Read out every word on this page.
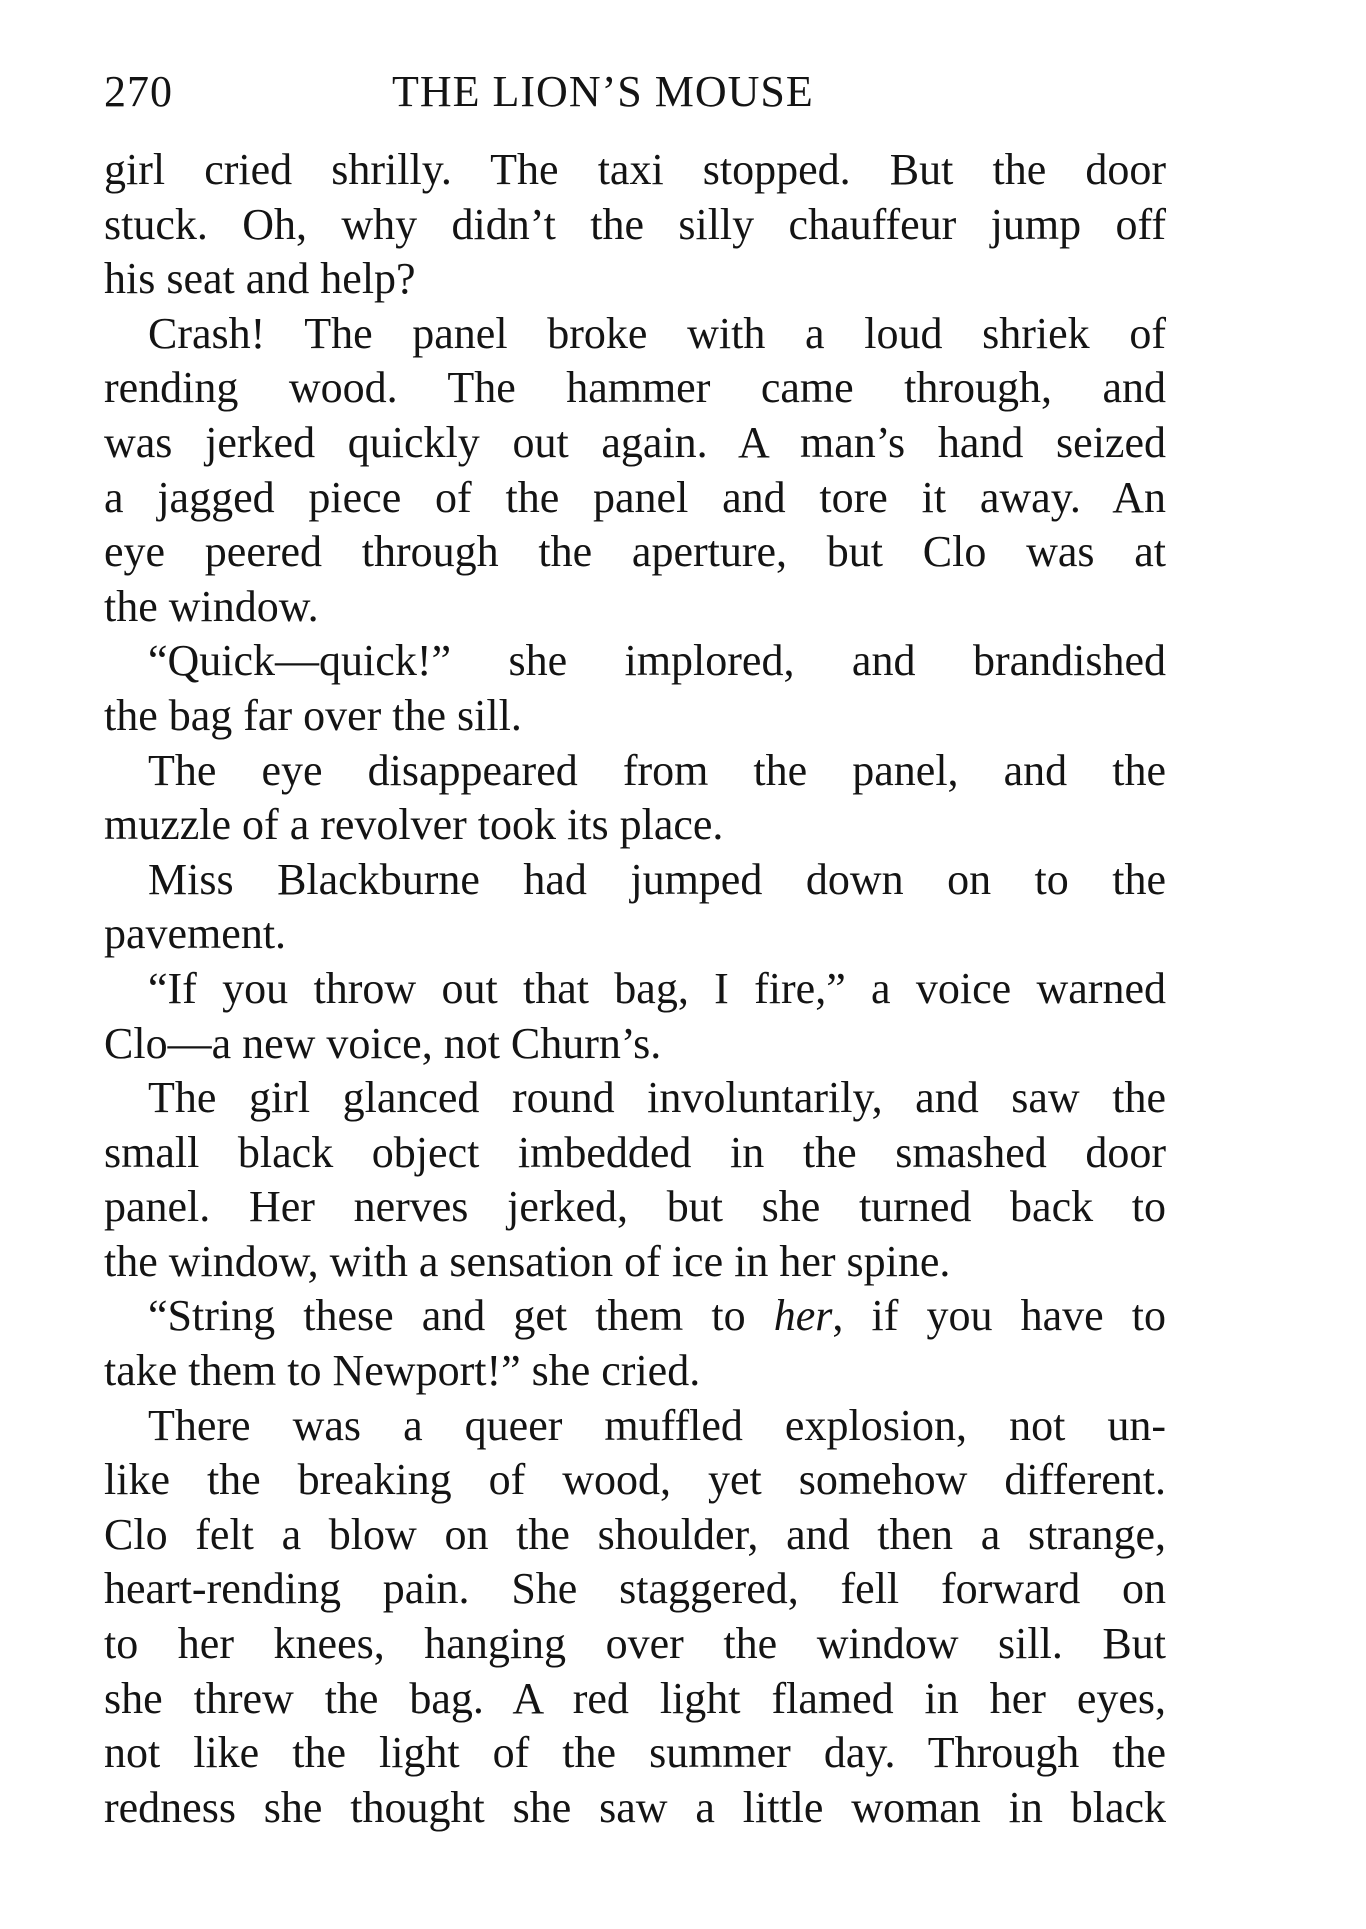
270	THE LION’S MOUSE
girl cried shrilly. The taxi stopped. But the door
stuck. Oh, why didn’t the silly chauffeur jump off
his seat and help?
Crash! The panel broke with a loud shriek of
rending wood. The hammer came through, and
was jerked quickly out again. A man’s hand seized
a jagged piece of the panel and tore it away. An
eye peered through the aperture, but Clo was at
the window.
“Quick—quick!” she implored, and brandished
the bag far over the sill.
The eye disappeared from the panel, and the
muzzle of a revolver took its place.
Miss Blackburne had jumped down on to the
pavement.
“If you throw out that bag, I fire,” a voice warned
Clo—a new voice, not Churn’s.
The girl glanced round involuntarily, and saw the
small black object imbedded in the smashed door
panel. Her nerves jerked, but she turned back to
the window, with a sensation of ice in her spine.
“String these and get them to her, if you have to
take them to Newport!” she cried.
There was a queer muffled explosion, not un-
like the breaking of wood, yet somehow different.
Clo felt a blow on the shoulder, and then a strange,
heart-rending pain. She staggered, fell forward on
to her knees, hanging over the window sill. But
she threw the bag. A red light flamed in her eyes,
not like the light of the summer day. Through the
redness she thought she saw a little woman in black
